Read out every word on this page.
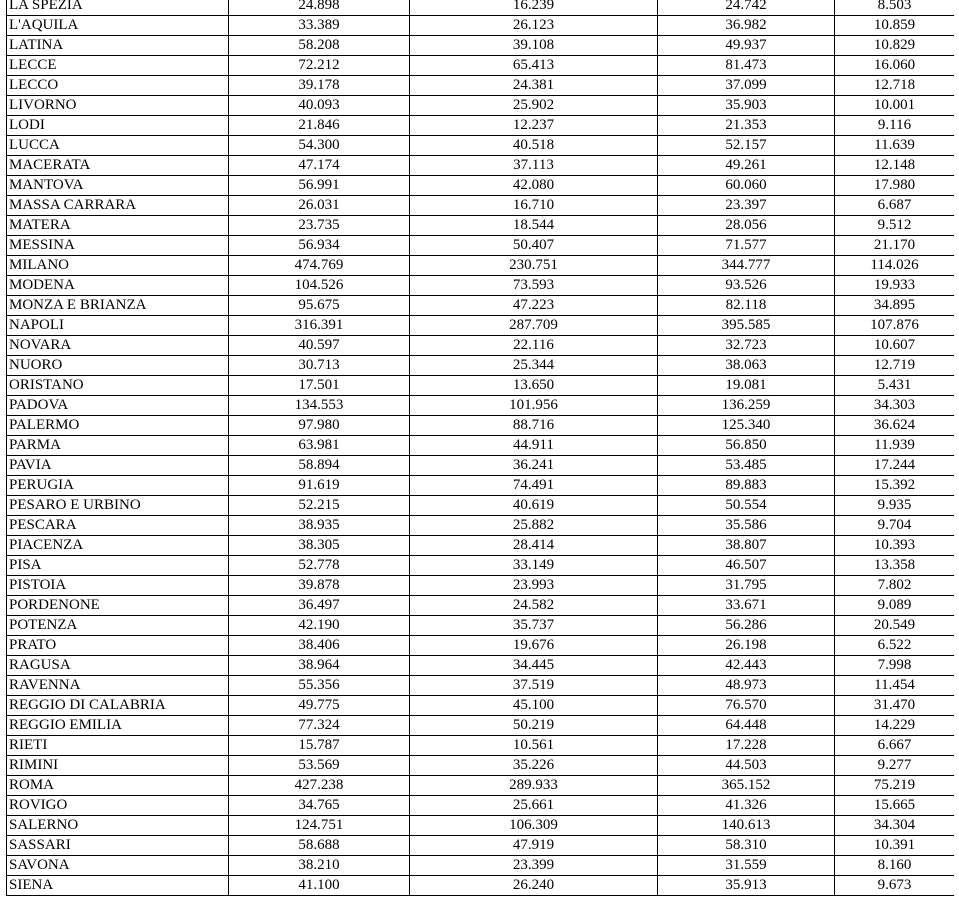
LA SPEZIA	24.898	16.239	24.742	8.503
L'AQUILA	33.389	26.123	36.982	10.859
LATINA	58.208	39.108	49.937	10.829
LECCE	72.212	65.413	81.473	16.060
LECCO	39.178	24.381	37.099	12.718
LIVORNO	40.093	25.902	35.903	10.001
LODI	21.846	12.237	21.353	9.116
LUCCA	54.300	40.518	52.157	11.639
MACERATA	47.174	37.113	49.261	12.148
MANTOVA	56.991	42.080	60.060	17.980
MASSA CARRARA	26.031	16.710	23.397	6.687
MATERA	23.735	18.544	28.056	9.512
MESSINA	56.934	50.407	71.577	21.170
MILANO	474.769	230.751	344.777	114.026
MODENA	104.526	73.593	93.526	19.933
MONZA E BRIANZA	95.675	47.223	82.118	34.895
NAPOLI	316.391	287.709	395.585	107.876
NOVARA	40.597	22.116	32.723	10.607
NUORO	30.713	25.344	38.063	12.719
ORISTANO	17.501	13.650	19.081	5.431
PADOVA	134.553	101.956	136.259	34.303
PALERMO	97.980	88.716	125.340	36.624
PARMA	63.981	44.911	56.850	11.939
PAVIA	58.894	36.241	53.485	17.244
PERUGIA	91.619	74.491	89.883	15.392
PESARO E URBINO	52.215	40.619	50.554	9.935
PESCARA	38.935	25.882	35.586	9.704
PIACENZA	38.305	28.414	38.807	10.393
PISA	52.778	33.149	46.507	13.358
PISTOIA	39.878	23.993	31.795	7.802
PORDENONE	36.497	24.582	33.671	9.089
POTENZA	42.190	35.737	56.286	20.549
PRATO	38.406	19.676	26.198	6.522
RAGUSA	38.964	34.445	42.443	7.998
RAVENNA	55.356	37.519	48.973	11.454
REGGIO DI CALABRIA	49.775	45.100	76.570	31.470
REGGIO EMILIA	77.324	50.219	64.448	14.229
RIETI	15.787	10.561	17.228	6.667
RIMINI	53.569	35.226	44.503	9.277
ROMA	427.238	289.933	365.152	75.219
ROVIGO	34.765	25.661	41.326	15.665
SALERNO	124.751	106.309	140.613	34.304
SASSARI	58.688	47.919	58.310	10.391
SAVONA	38.210	23.399	31.559	8.160
SIENA	41.100	26.240	35.913	9.673
